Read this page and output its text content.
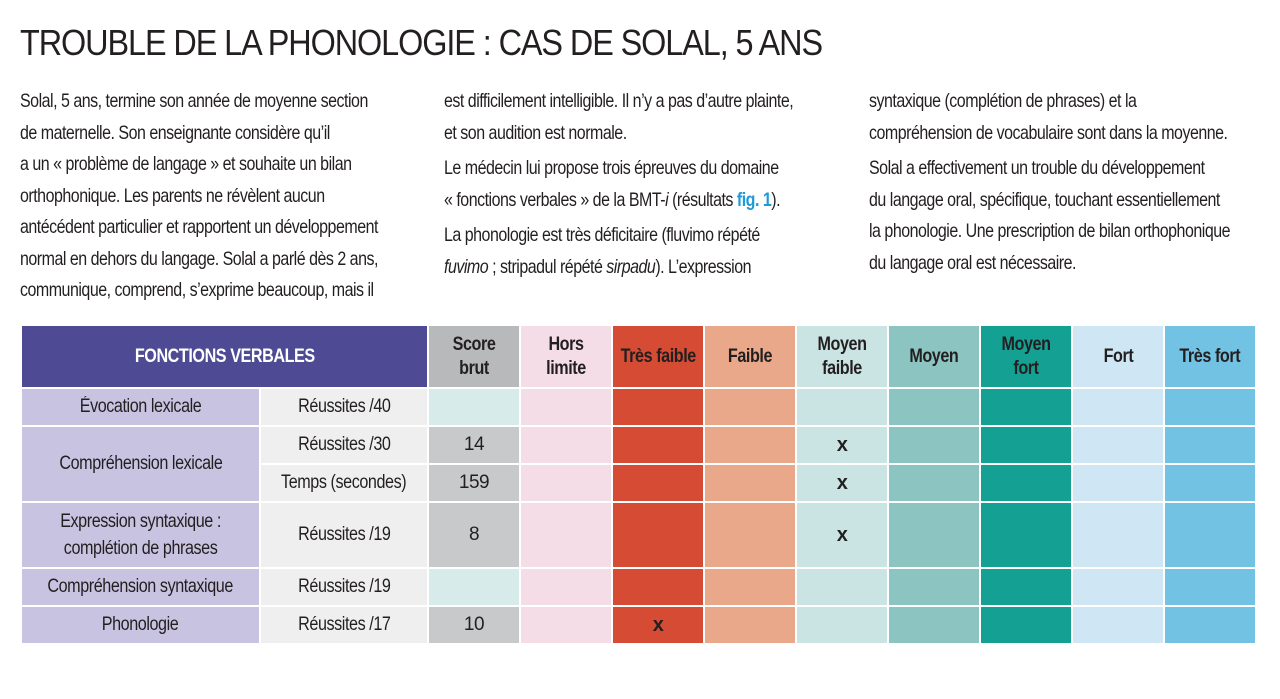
TROUBLE DE LA PHONOLOGIE : CAS DE SOLAL, 5 ANS

Solal, 5 ans, termine son année de moyenne section
de maternelle. Son enseignante considère qu’il
a un « problème de langage » et souhaite un bilan
orthophonique. Les parents ne révèlent aucun
antécédent particulier et rapportent un développement
normal en dehors du langage. Solal a parlé dès 2 ans,
communique, comprend, s’exprime beaucoup, mais il

est difficilement intelligible. Il n’y a pas d’autre plainte,
et son audition est normale.

Le médecin lui propose trois épreuves du domaine
« fonctions verbales » de la BMT-i (résultats fig. 1).

La phonologie est très déficitaire (fluvimo répété
fuvimo ; stripadul répété sirpadu). L’expression

syntaxique (complétion de phrases) et la
compréhension de vocabulaire sont dans la moyenne.

Solal a effectivement un trouble du développement
du langage oral, spécifique, touchant essentiellement
la phonologie. Une prescription de bilan orthophonique
du langage oral est nécessaire.

FONCTIONS VERBALES		Score brut	Hors limite	Très faible	Faible	Moyen faible	Moyen	Moyen fort	Fort	Très fort
Évocation lexicale	Réussites /40									
Compréhension lexicale	Réussites /30	14				x				
	Temps (secondes)	159				x				
Expression syntaxique :
complétion de phrases	Réussites /19	8				x				
Compréhension syntaxique	Réussites /19									
Phonologie	Réussites /17	10		x						
